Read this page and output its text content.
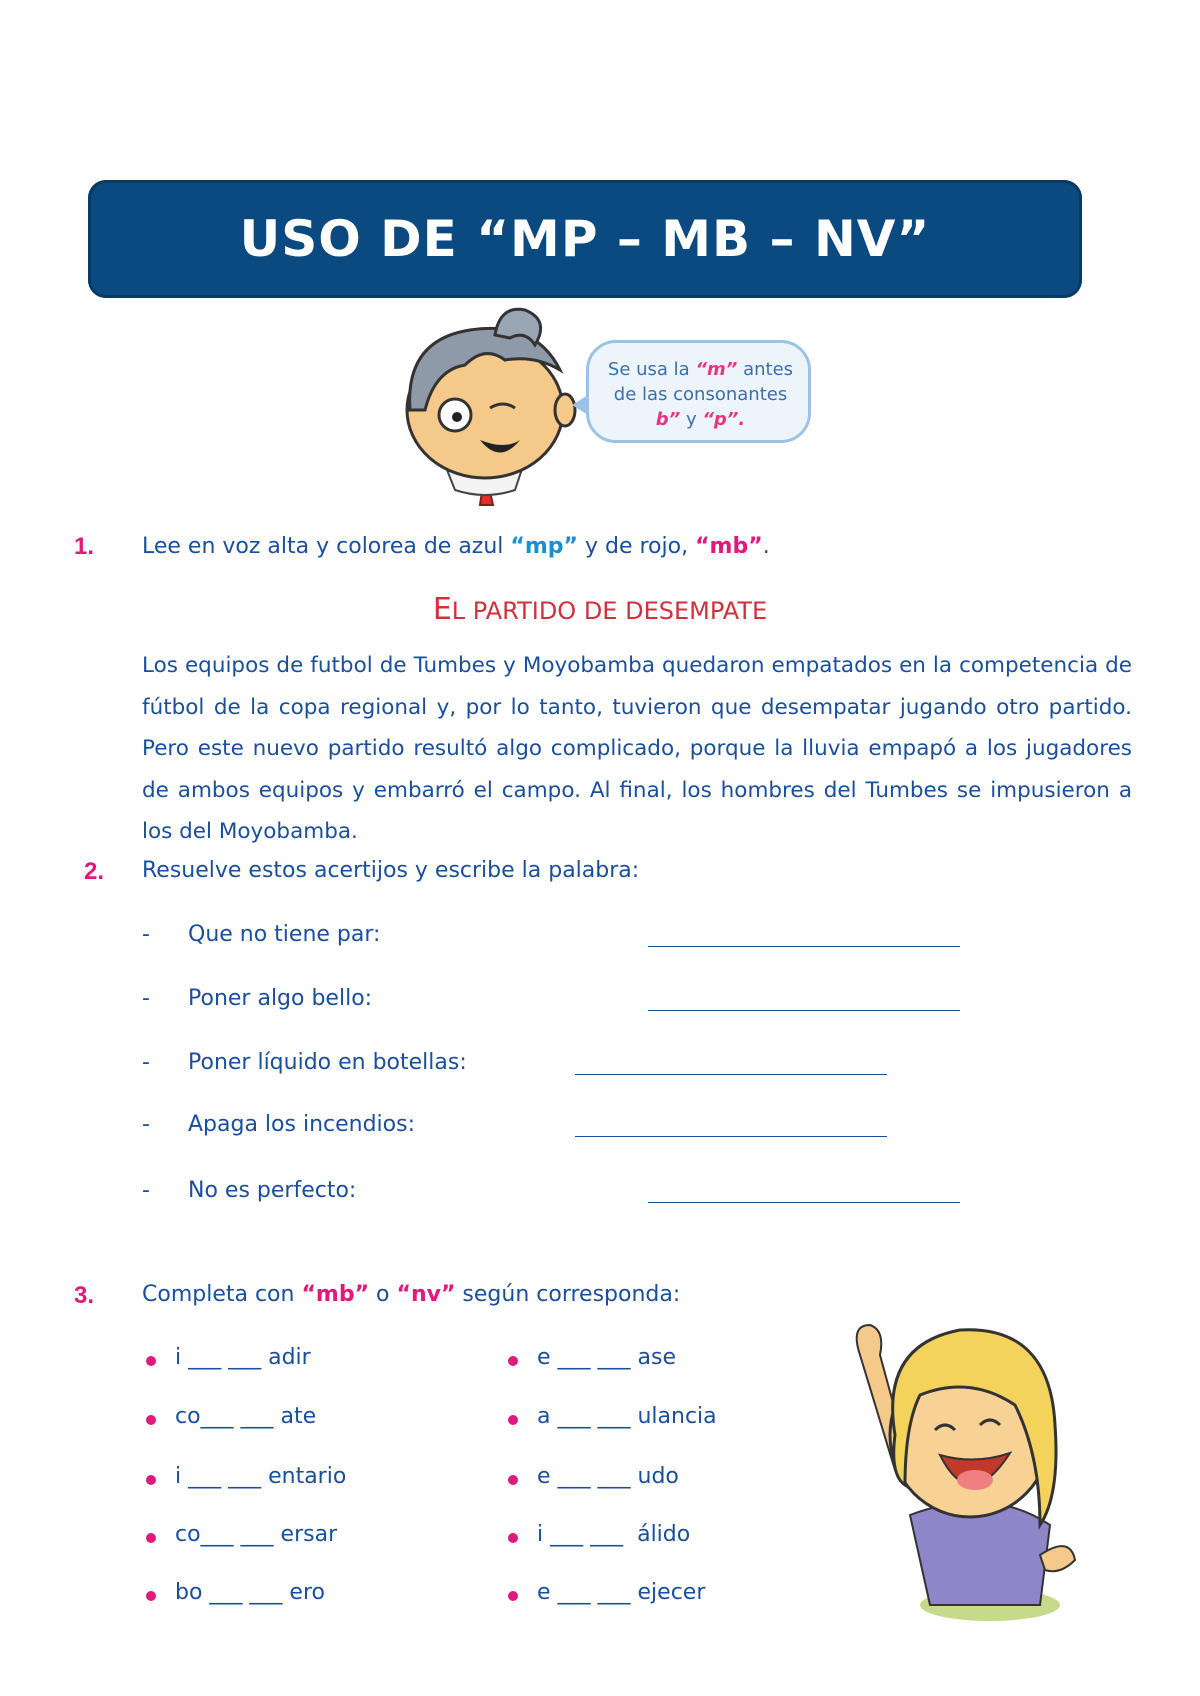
USO DE “MP – MB – NV”
Se usa la “m” antes
de las consonantes
b” y “p”.
1. Lee en voz alta y colorea de azul “mp” y de rojo, “mb”.
EL PARTIDO DE DESEMPATE
Los equipos de futbol de Tumbes y Moyobamba quedaron empatados en la competencia de fútbol de la copa regional y, por lo tanto, tuvieron que desempatar jugando otro partido. Pero este nuevo partido resultó algo complicado, porque la lluvia empapó a los jugadores de ambos equipos y embarró el campo. Al final, los hombres del Tumbes se impusieron a los del Moyobamba.
2. Resuelve estos acertijos y escribe la palabra:
- Que no tiene par:
- Poner algo bello:
- Poner líquido en botellas:
- Apaga los incendios:
- No es perfecto:
3. Completa con “mb” o “nv” según corresponda:
i ___ ___ adir
co___ ___ ate
i ___ ___ entario
co___ ___ ersar
bo ___ ___ ero
e ___ ___ ase
a ___ ___ ulancia
e ___ ___ udo
i ___ ___  álido
e ___ ___ ejecer
